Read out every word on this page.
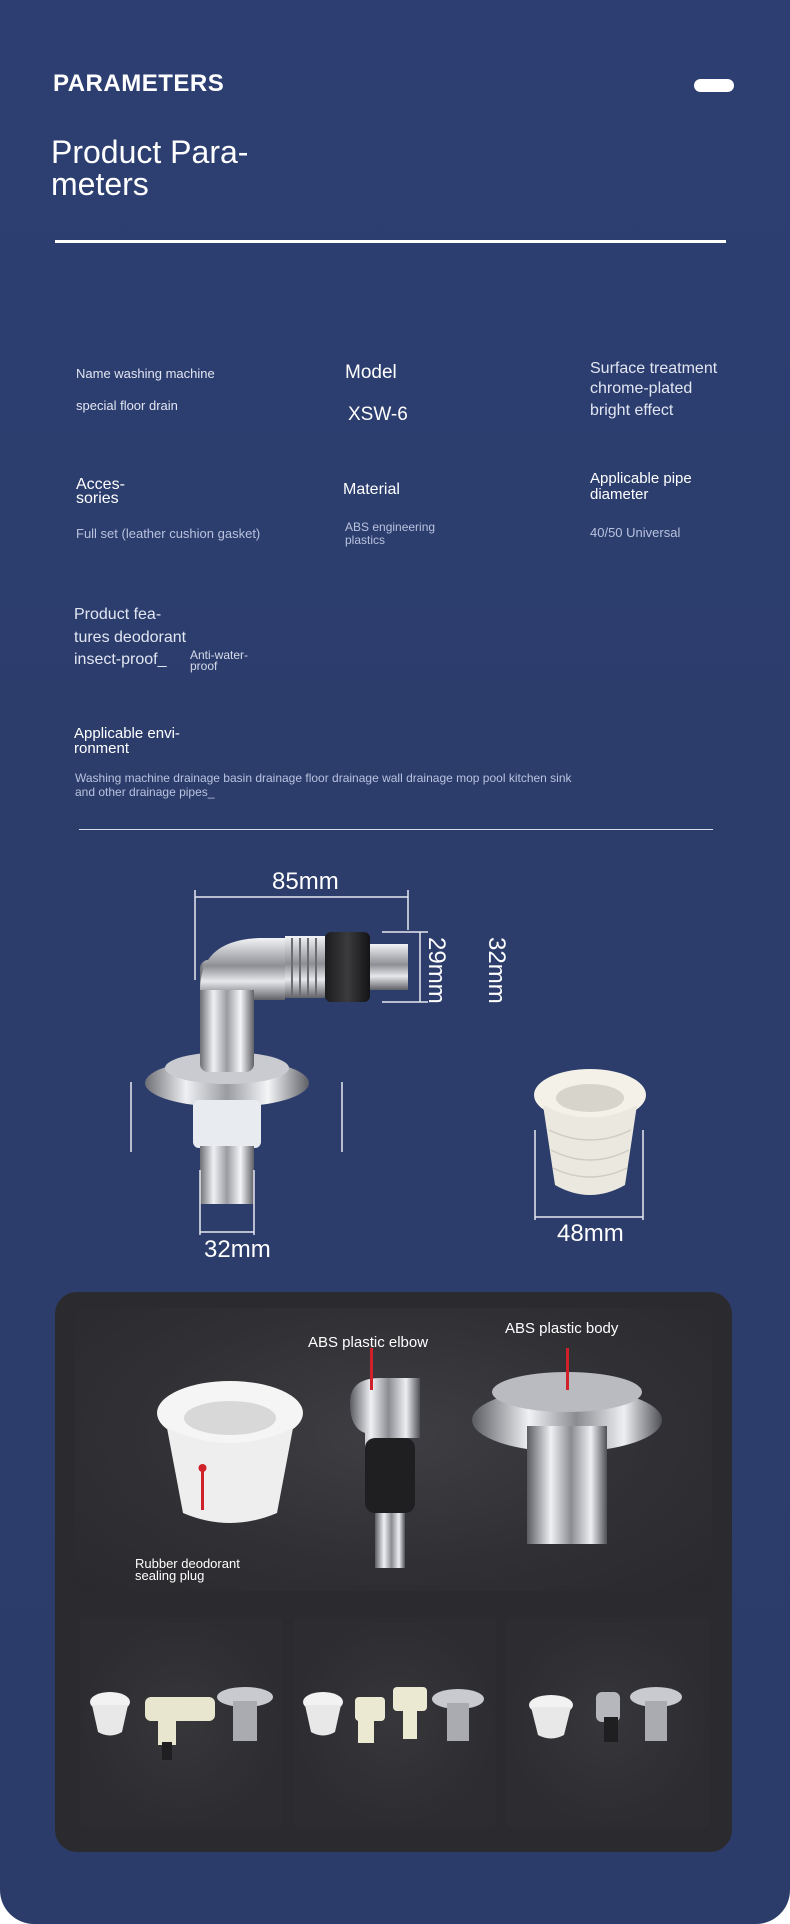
PARAMETERS
Product Para-
meters
Name washing machine
special floor drain
Model
XSW-6
Surface treatment
chrome-plated
bright effect
Acces-
sories
Full set (leather cushion gasket)
Material
ABS engineering
plastics
Applicable pipe
diameter
40/50 Universal
Product fea-
tures deodorant
insect-proof_ Anti-water-
proof
Applicable envi-
ronment
Washing machine drainage basin drainage floor drainage wall drainage mop pool kitchen sink
and other drainage pipes_
85mm
29mm 32mm
32mm
48mm
ABS plastic elbow
ABS plastic body
Rubber deodorant
sealing plug
